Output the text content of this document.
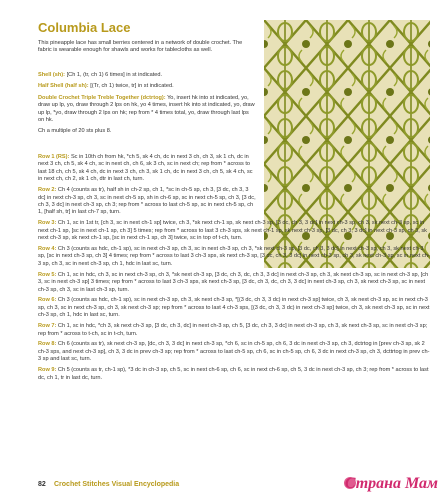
Columbia Lace
This pineapple lace has small berries centered in a network of double crochet. The fabric is wearable enough for shawls and works for tablecloths as well.

Shell (sh): [Ch 1, (tr, ch 1) 6 times] in st indicated.

Half Shell (half sh): [(Tr, ch 1) twice, tr] in st indicated.

Double Crochet Triple Treble Together (dctrtog): Yo, insert hk into st indicated, yo, draw up lp, yo, draw through 2 lps on hk, yo 4 times, insert hk into st indicated, yo, draw up lp, *yo, draw through 2 lps on hk; rep from * 4 times total, yo, draw through last lps on hk.

Ch a multiple of 20 sts plus 8.

Row 1 (RS): Sc in 10th ch from hk, *ch 5, sk 4 ch, dc in next 3 ch, ch 3, sk 1 ch, dc in next 3 ch, ch 5, sk 4 ch, sc in next ch, ch 6, sk 3 ch, sc in next ch; rep from * across to last 18 ch, ch 5, sk 4 ch, dc in next 3 ch, ch 3, sk 1 ch, dc in next 3 ch, ch 5, sk 4 ch, sc in next ch, ch 2, sk 1 ch, dtr in last ch, turn.

Row 2: Ch 4 (counts as tr), half sh in ch-2 sp, ch 1, *sc in ch-5 sp, ch 3, [3 dc, ch 3, 3 dc] in next ch-3 sp, ch 3, sc in next ch-5 sp, sh in ch-6 sp, sc in next ch-5 sp, ch 3, [3 dc, ch 3, 3 dc] in next ch-3 sp, ch 3; rep from * across to last ch-5 sp, sc in next ch-5 sp, ch 1, [half sh, tr] in last ch-7 sp, turn.

Row 3: Ch 1, sc in 1st tr, [ch 3, sc in next ch-1 sp] twice, ch 3, *sk next ch-1 sp, sk next ch-3 sp, [3 dc, ch 3, 3 dc] in next ch-3 sp, ch 3, sk next ch-3 sp, sc in next ch-1 sp, [sc in next ch-1 sp, ch 3] 5 times; rep from * across to last 3 ch-3 sps, sk next ch-1 sp, sk next ch-3 sp, [3 dc, ch 3, 3 dc] in next ch-3 sp, ch 3, sk next ch-3 sp, sk next ch-1 sp, [sc in next ch-1 sp, ch 3] twice, sc in top of t-ch, turn.

Row 4: Ch 3 (counts as hdc, ch-1 sp), sc in next ch-3 sp, ch 3, sc in next ch-3 sp, ch 3, *sk next ch-3 sp, [3 dc, ch 3, 3 dc] in next ch-3 sp, ch 3, sk next ch-3 sp, [sc in next ch-3 sp, ch 3] 4 times; rep from * across to last 3 ch-3 sps, sk next ch-3 sp, [3 dc, ch 3, 3 dc] in next ch-3 sp, ch 3, sk next ch-3 sp, sc in next ch-3 sp, ch 3, sc in next ch-3 sp, ch 1, hdc in last sc, turn.

Row 5: Ch 1, sc in hdc, ch 3, sc in next ch-3 sp, ch 3, *sk next ch-3 sp, [3 dc, ch 3, dc, ch 3, 3 dc] in next ch-3 sp, ch 3, sk next ch-3 sp, sc in next ch-3 sp, [ch 3, sc in next ch-3 sp] 3 times; rep from * across to last 3 ch-3 sps, sk next ch-3 sp, [3 dc, ch 3, dc, ch 3, 3 dc] in next ch-3 sp, ch 3, sk next ch-3 sp, sc in next ch-3 sp, ch 3, sc in last ch-3 sp, turn.

Row 6: Ch 3 (counts as hdc, ch-1 sp), sc in next ch-3 sp, ch 3, sk next ch-3 sp, *[(3 dc, ch 3, 3 dc) in next ch-3 sp] twice, ch 3, sk next ch-3 sp, sc in next ch-3 sp, ch 3, sc in next ch-3 sp, ch 3, sk next ch-3 sp; rep from * across to last 4 ch-3 sps, [(3 dc, ch 3, 3 dc) in next ch-3 sp] twice, ch 3, sk next ch-3 sp, sc in next ch-3 sp, ch 1, hdc in last sc, turn.

Row 7: Ch 1, sc in hdc, *ch 3, sk next ch-3 sp, [3 dc, ch 3, dc] in next ch-3 sp, ch 5, [3 dc, ch 3, 3 dc] in next ch-3 sp, ch 3, sk next ch-3 sp, sc in next ch-3 sp; rep from * across to t-ch, sc in t-ch, turn.

Row 8: Ch 6 (counts as tr), sk next ch-3 sp, [dc, ch 3, 3 dc] in next ch-3 sp, *ch 6, sc in ch-5 sp, ch 6, 3 dc in next ch-3 sp, ch 3, dctrtog in [prev ch-3 sp, sk 2 ch-3 sps, and next ch-3 sp], ch 3, 3 dc in prev ch-3 sp; rep from * across to last ch-5 sp, ch 6, sc in ch-5 sp, ch 6, 3 dc in next ch-3 sp, ch 3, dcttrtog in prev ch-3 sp and last sc, turn.

Row 9: Ch 5 (counts as tr, ch-1 sp), *3 dc in ch-3 sp, ch 5, sc in next ch-6 sp, ch 6, sc in next ch-6 sp, ch 5, 3 dc in next ch-3 sp, ch 3; rep from * across to last dc, ch 1, tr in last dc, turn.

82 Crochet Stitches Visual Encyclopedia	Страна Мам
